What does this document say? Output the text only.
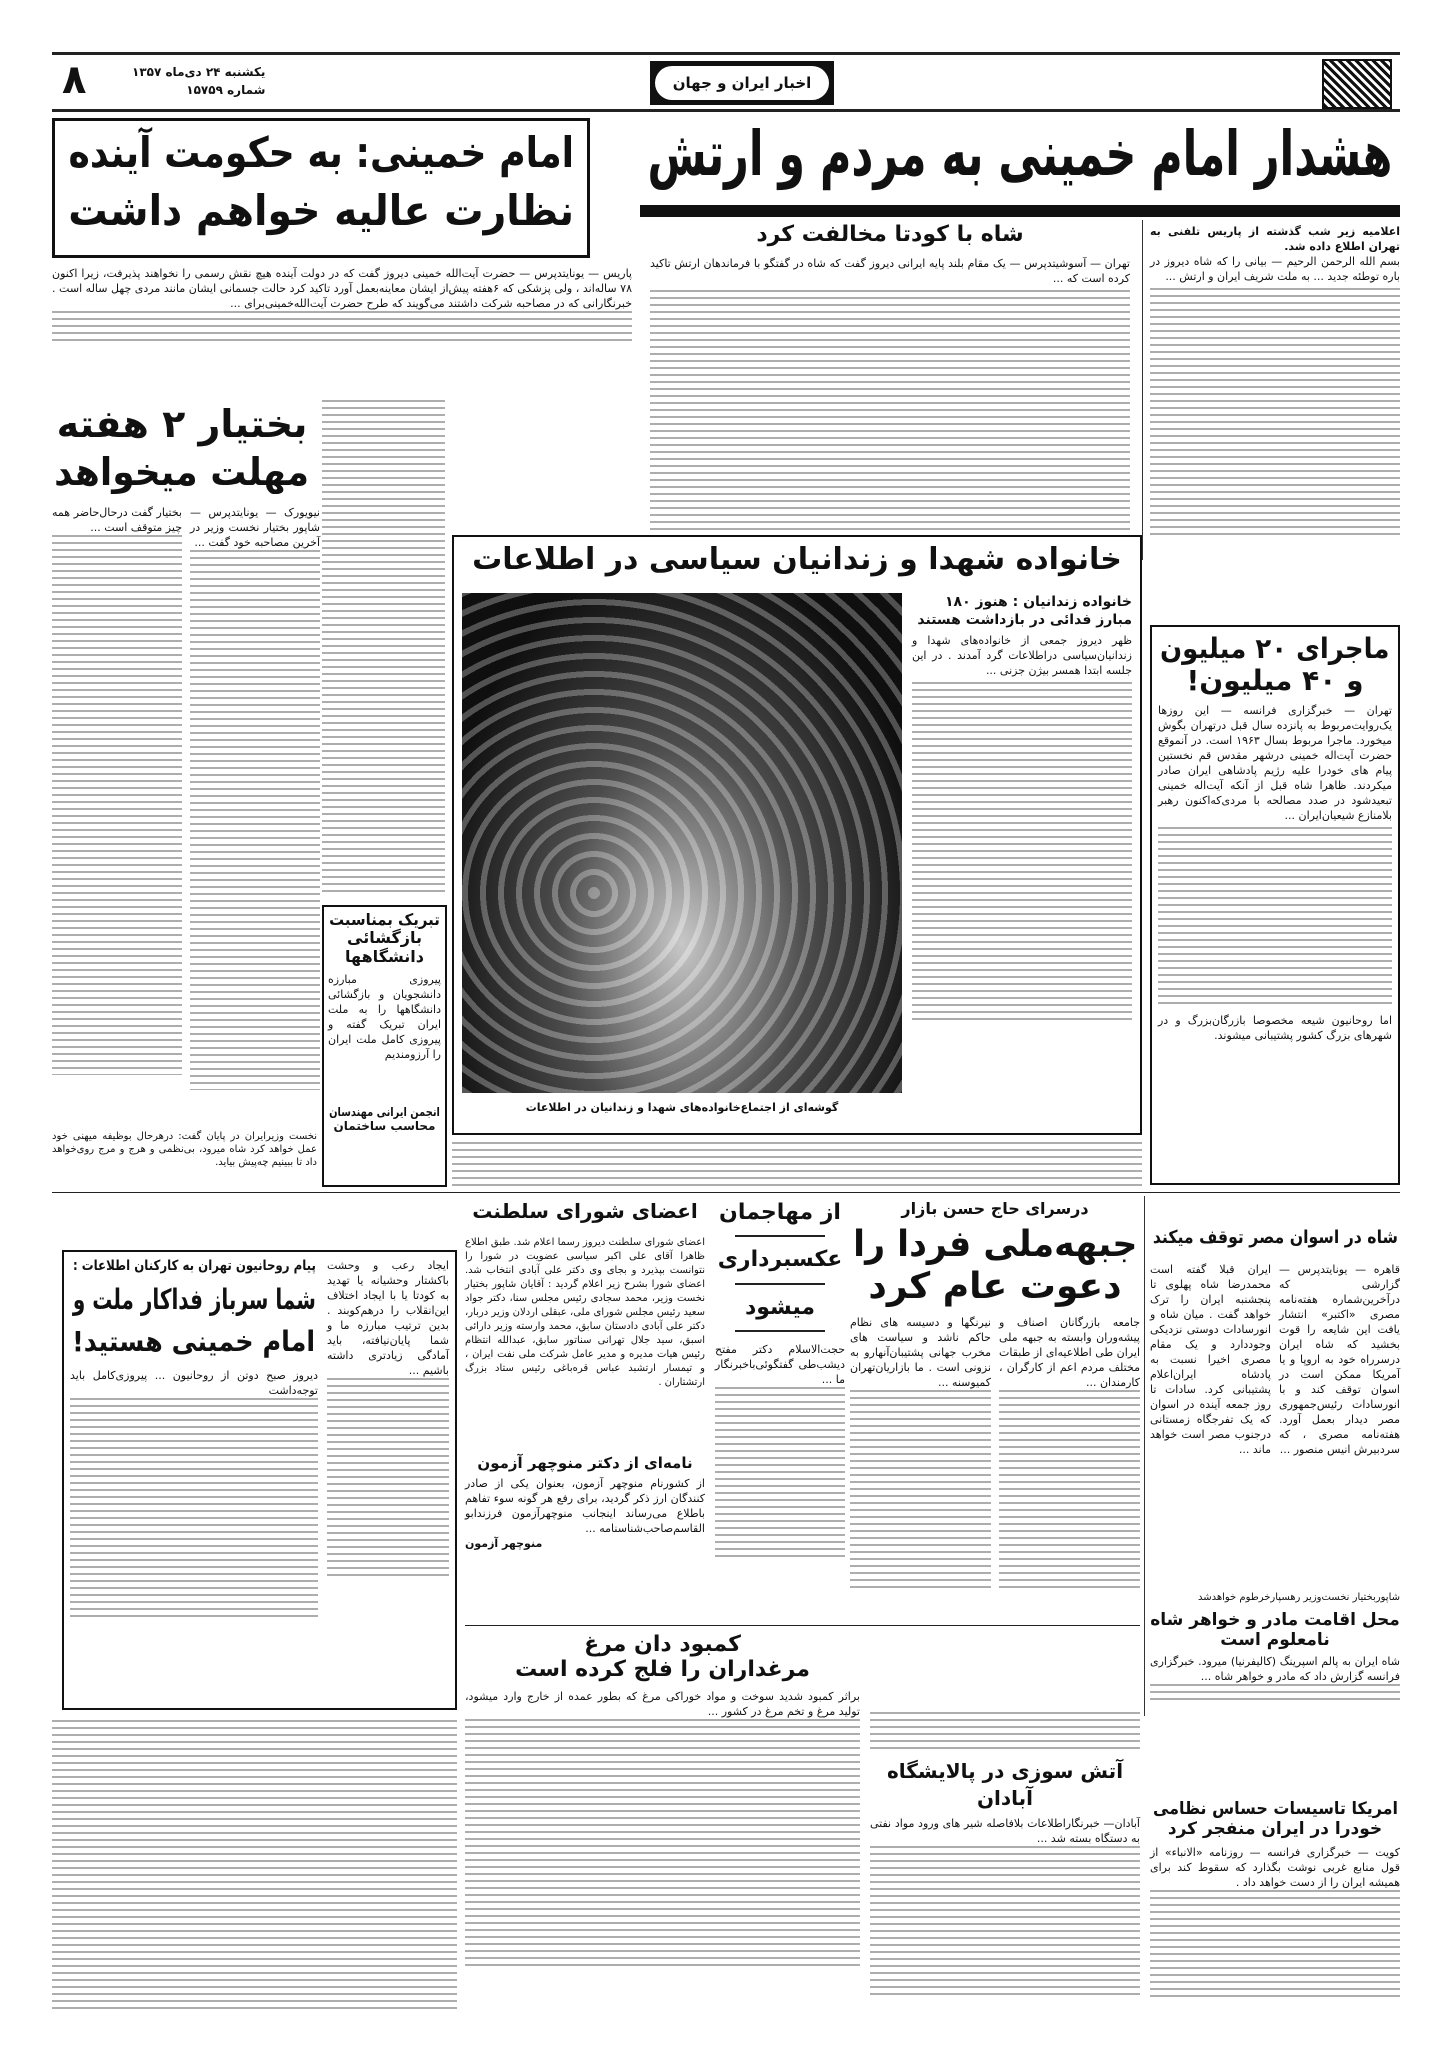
اخبار ایران و جهان
یکشنبه ۲۴ دی‌ماه ۱۳۵۷
شماره ۱۵۷۵۹
۸
هشدار امام خمینی به مردم و ارتش
امام خمینی: به حکومت آینده
نظارت عالیه خواهم داشت	اعلامیه زیر شب گذشته از پاریس تلفنی به تهران اطلاع داده شد.
بسم الله الرحمن الرحیم — بیانی را که شاه دیروز در باره توطئه جدید ... به ملت شریف ایران و ارتش ...
شاه با کودتا مخالفت کرد
تهران — آسوشیتدپرس — یک مقام بلند پایه ایرانی دیروز گفت که شاه در گفتگو با فرماندهان ارتش تاکید کرده است که ...
پاریس — یونایتدپرس — حضرت آیت‌الله خمینی دیروز گفت که در دولت آینده هیچ نقش رسمی را نخواهند پذیرفت، زیرا اکنون ۷۸ ساله‌اند ، ولی پزشکی که ۶هفته پیش‌از ایشان معاینه‌بعمل آورد تاکید کرد حالت جسمانی ایشان مانند مردی چهل ساله است . خبرنگارانی که در مصاحبه شرکت داشتند می‌گویند که طرح حضرت آیت‌الله‌خمینی‌برای ...
بختیار ۲ هفته
مهلت میخواهد
نیویورک — یونایتدپرس — شاپور بختیار نخست وزیر در آخرین مصاحبه خود گفت ...
بختیار گفت درحال‌حاضر همه چیز متوقف است ...
نخست وزیرایران در پایان گفت: درهرحال بوظیفه میهنی خود عمل خواهد کرد شاه میرود، بی‌نظمی و هرج و مرج روی‌خواهد داد تا ببینیم چه‌پیش بیاید.
تبریک بمناسبت
بازگشائی
دانشگاهها
پیروزی مبارزه دانشجویان و بازگشائی دانشگاهها را به ملت ایران تبریک گفته و پیروزی کامل ملت ایران را آرزومندیم
انجمن ایرانی مهندسان
محاسب ساختمان
خانواده شهدا و زندانیان سیاسی در اطلاعات
گوشه‌ای از اجتماع‌خانواده‌های شهدا و زندانیان در اطلاعات
خانواده زندانیان : هنوز ۱۸۰ مبارز فدائی در بازداشت هستند
ظهر دیروز جمعی از خانواده‌های شهدا و زندانیان‌سیاسی دراطلاعات گرد آمدند . در این جلسه ابتدا همسر بیژن جزنی ...
ماجرای ۲۰ میلیون
و ۴۰ میلیون!
تهران — خبرگزاری فرانسه — این روزها یک‌روایت‌مربوط به پانزده سال قبل درتهران بگوش میخورد. ماجرا مربوط بسال ۱۹۶۳ است. در آنموقع حضرت آیت‌اله خمینی درشهر مقدس قم نخستین پیام های خودرا علیه رژیم پادشاهی ایران صادر میکردند. ظاهرا شاه قبل از آنکه آیت‌اله خمینی تبعیدشود در صدد مصالحه با مردی‌که‌اکنون رهبر بلامنازع شیعیان‌ایران ...
اما روحانیون شیعه مخصوصا بازرگان‌بزرگ‌ و در شهرهای بزرگ کشور پشتیبانی میشوند.
اعضای شورای سلطنت
اعضای شورای سلطنت دیروز رسما اعلام شد. طبق اطلاع ظاهرا آقای علی اکبر سیاسی عضویت در شورا را نتوانست بپذیرد و بجای وی دکتر علی آبادی انتخاب شد. اعضای شورا بشرح زیر اعلام گردید : آقایان شاپور بختیار نخست وزیر، محمد سجادی رئیس مجلس سنا، دکتر جواد سعید رئیس مجلس شورای ملی، عبقلی اردلان وزیر دربار، دکتر علی آبادی دادستان سابق، محمد وارسته وزیر دارائی اسبق، سید جلال تهرانی سناتور سابق، عبدالله انتظام رئیس هیات مدیره و مدیر عامل شرکت ملی نفت ایران ، و تیمسار ارتشبد عباس قره‌باغی رئیس ستاد بزرگ ارتشتاران .
از مهاجمان
عکسبرداری
میشود
حجت‌الاسلام دکتر مفتح دیشب‌طی گفتگوئی‌باخبرنگار ما ...
درسرای حاج حسن بازار
جبهه‌ملی فردا را
دعوت عام کرد
جامعه بازرگانان اصناف و پیشه‌وران وابسته به جبهه ملی ایران طی اطلاعیه‌ای از طبقات مختلف مردم اعم از کارگران ، کارمندان ...
نیرنگها و دسیسه های نظام حاکم ناشد و سیاست های مخرب جهانی پشتیبان‌آنهارو به نزونی است . ما بازاریان‌تهران کمیوسنه ...
شاه در اسوان مصر توقف میکند
قاهره — یونایتدپرس — گزارشی که درآخرین‌شماره هفته‌نامه مصری «اکتبر» انتشار یافت این شایعه را قوت بخشید که شاه ایران درسرراه خود به اروپا و یا آمریکا ممکن است در اسوان توقف کند و با انورسادات رئیس‌جمهوری مصر دیدار بعمل آورد. هفته‌نامه مصری ، که سردبیرش انیس منصور ...
ایران قبلا گفته است محمدرضا شاه پهلوی تا پنجشنبه ایران را ترک خواهد گفت . میان شاه و انورسادات دوستی نزدیکی وجوددارد و یک مقام مصری اخیرا نسبت به پادشاه ایران‌اعلام پشتیبانی کرد. سادات تا روز جمعه آینده در اسوان که یک تفرجگاه زمستانی درجنوب مصر است خواهد ماند ...
شاپوربختیار نخست‌وزیر رهسپارخرطوم خواهدشد
محل اقامت مادر و خواهر شاه
نامعلوم است
شاه ایران به پالم اسپرینگ (کالیفرنیا) میرود. خبرگزاری فرانسه گزارش داد که مادر و خواهر شاه ...
پیام روحانیون تهران به کارکنان اطلاعات :
شما سرباز فداکار ملت و
امام خمینی هستید!
دیروز صبح دوتن از روحانیون ... پیروزی‌کامل باید توجه‌داشت
ایجاد رعب و وحشت باکشتار وحشیانه یا تهدید به کودتا یا با ایجاد اختلاف این‌انقلاب را درهم‌کوبند . بدین ترتیب مبارزه ما و شما پایان‌نیافته، باید آمادگی زیادتری داشته باشیم ...
نامه‌ای از دکتر منوچهر آزمون
از کشورنام منوچهر آزمون، بعنوان یکی از صادر کنندگان ارز ذکر گردید، برای رفع هر گونه سوء تفاهم باطلاع می‌رساند اینجانب منوچهرآزمون فرزندابو القاسم‌صاحب‌شناسنامه ...
منوچهر آزمون
کمبود دان مرغ
مرغداران را فلج کرده است
براثر کمبود شدید سوخت و مواد خوراکی مرغ که بطور عمده از خارج وارد میشود، تولید مرغ و تخم مرغ در کشور ...
آتش سوزی در پالایشگاه
آبادان
آبادان— خبرنگاراطلاعات بلافاصله شیر های ورود مواد نفتی به دستگاه بسته شد ...
امریکا تاسیسات حساس نظامی
خودرا در ایران منفجر کرد
کویت — خبرگزاری فرانسه — روزنامه «الانباء» از قول منابع غربی نوشت بگذارد که سقوط کند برای همیشه ایران را از دست خواهد داد .
